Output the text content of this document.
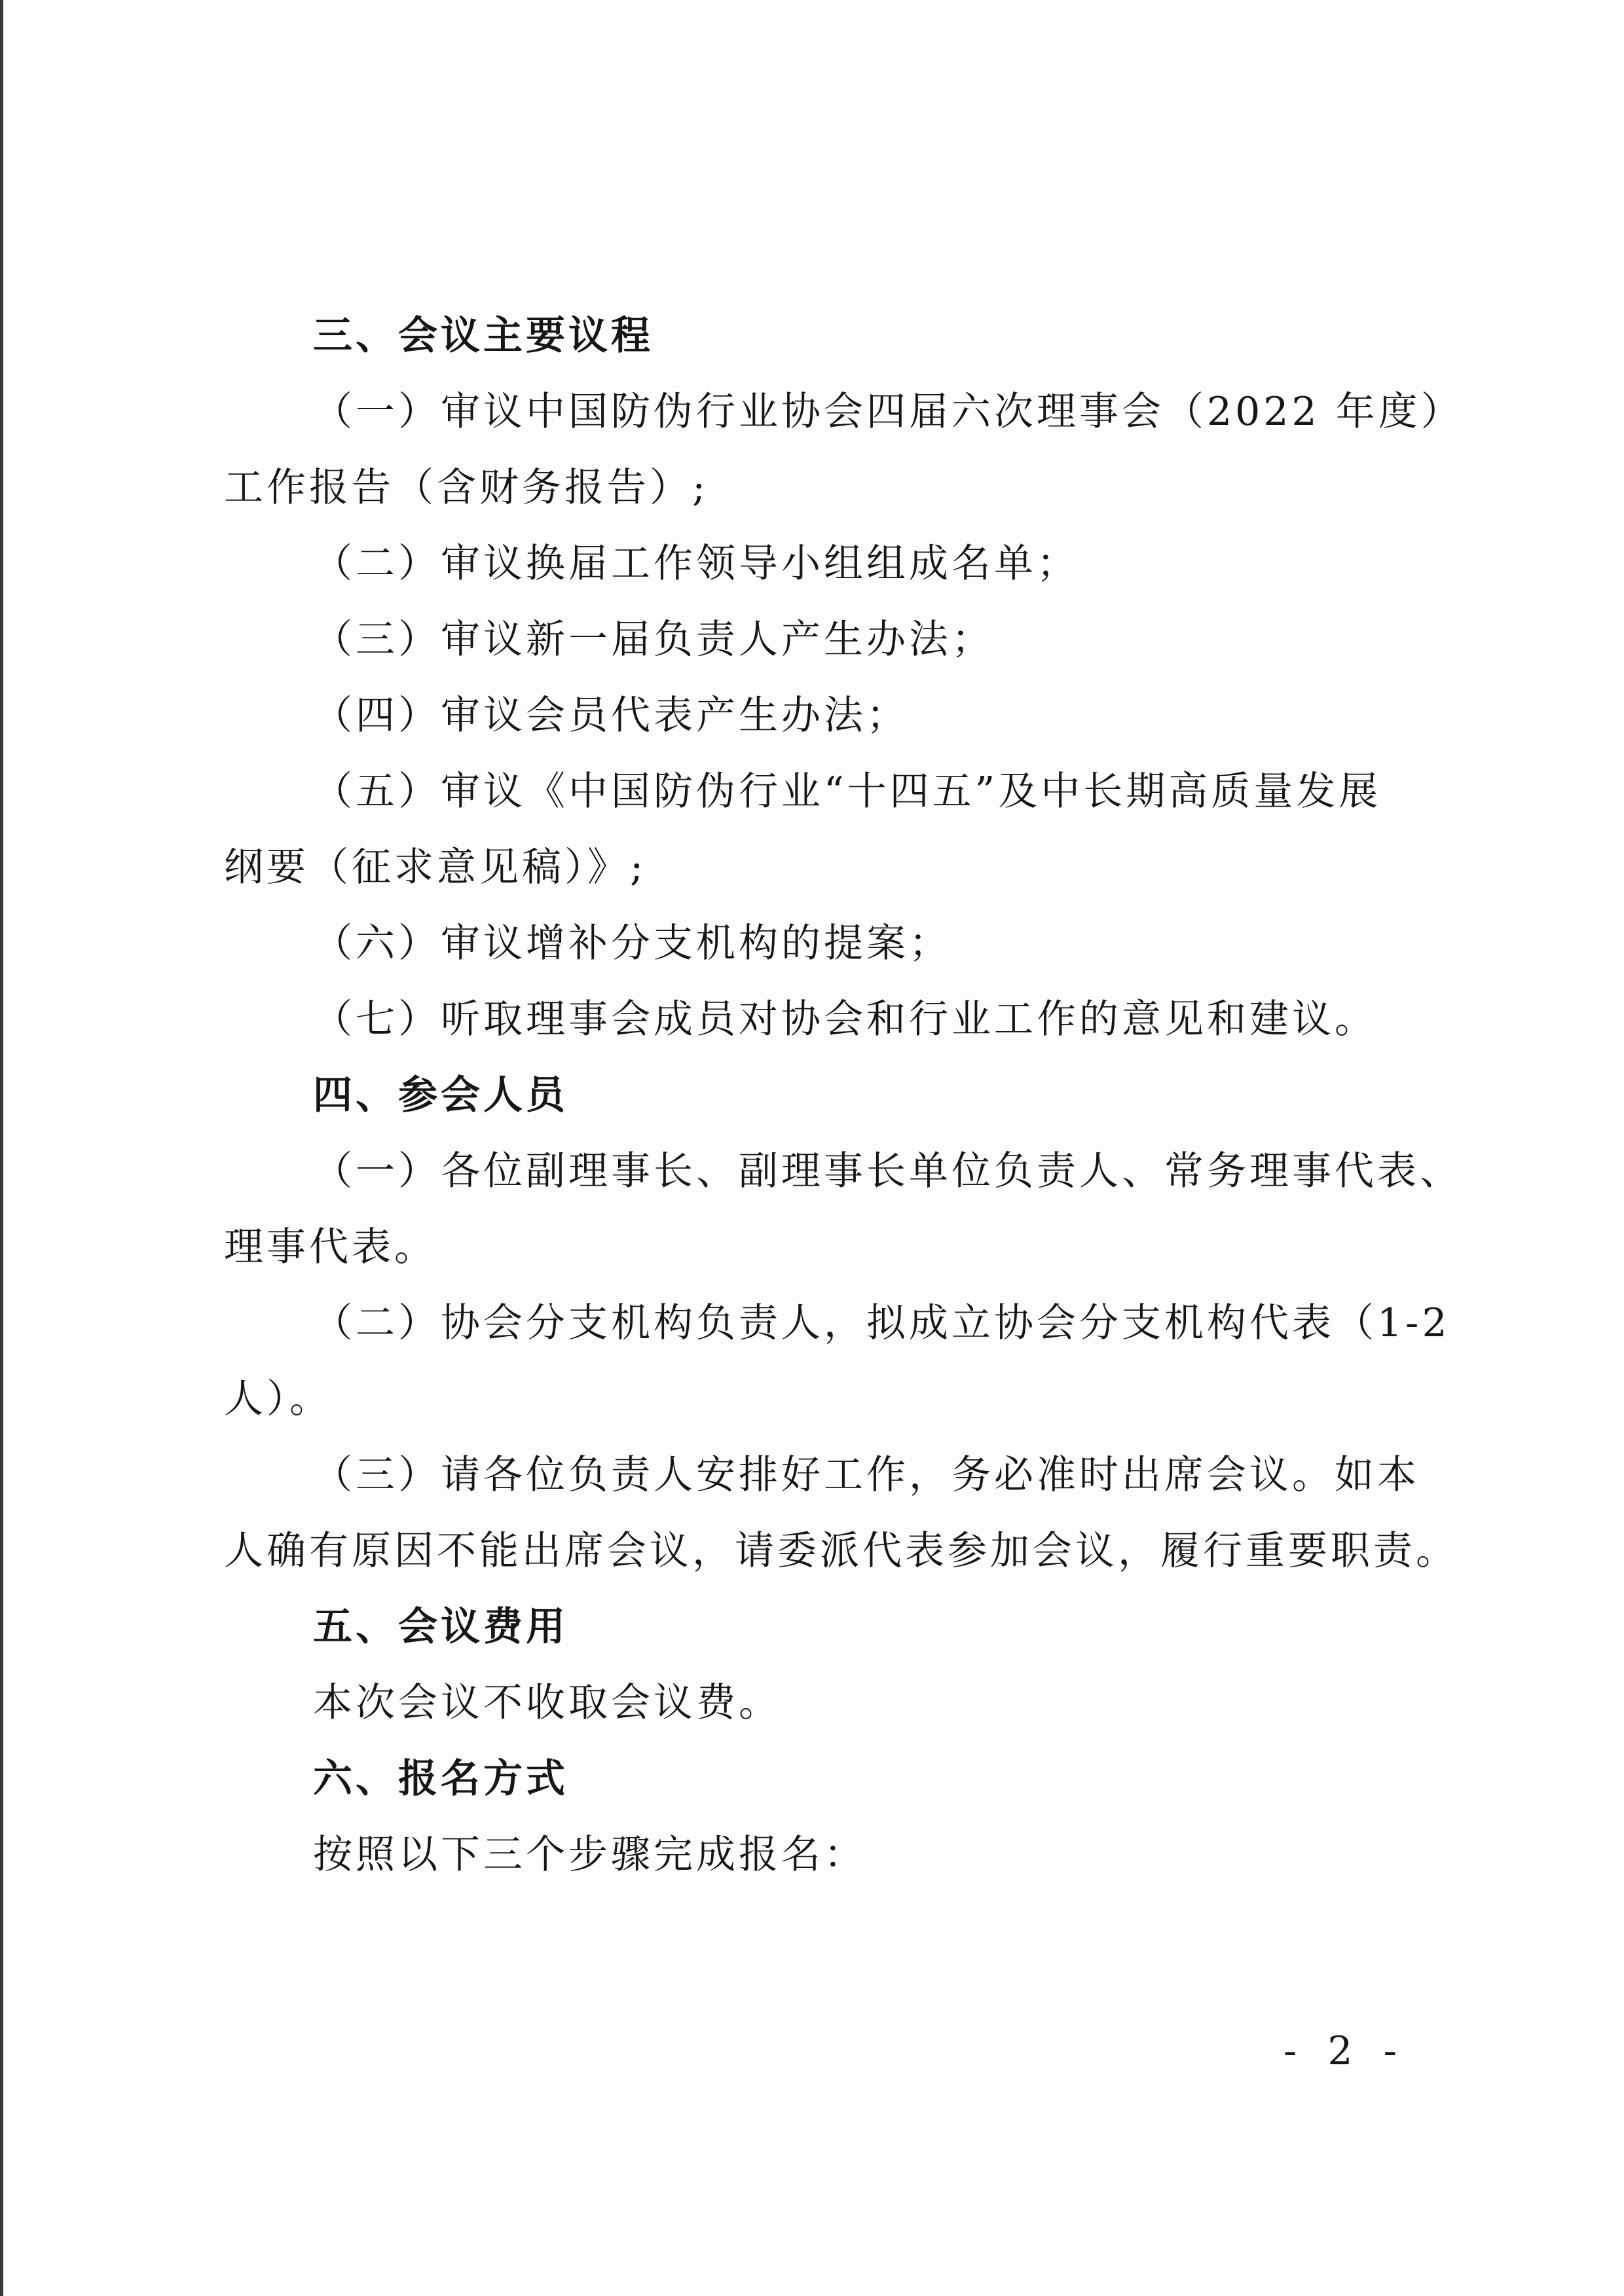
三、会议主要议程
（一）审议中国防伪行业协会四届六次理事会（2022 年度）
工作报告（含财务报告）;
（二）审议换届工作领导小组组成名单；
（三）审议新一届负责人产生办法；
（四）审议会员代表产生办法；
（五）审议《中国防伪行业“十四五”及中长期高质量发展
纲要（征求意见稿）》;
（六）审议增补分支机构的提案；
（七）听取理事会成员对协会和行业工作的意见和建议。
四、参会人员
（一）各位副理事长、副理事长单位负责人、常务理事代表、
理事代表。
（二）协会分支机构负责人，拟成立协会分支机构代表（1-2
人）。
（三）请各位负责人安排好工作，务必准时出席会议。如本
人确有原因不能出席会议，请委派代表参加会议，履行重要职责。
五、会议费用
本次会议不收取会议费。
六、报名方式
按照以下三个步骤完成报名：
- 2 -
